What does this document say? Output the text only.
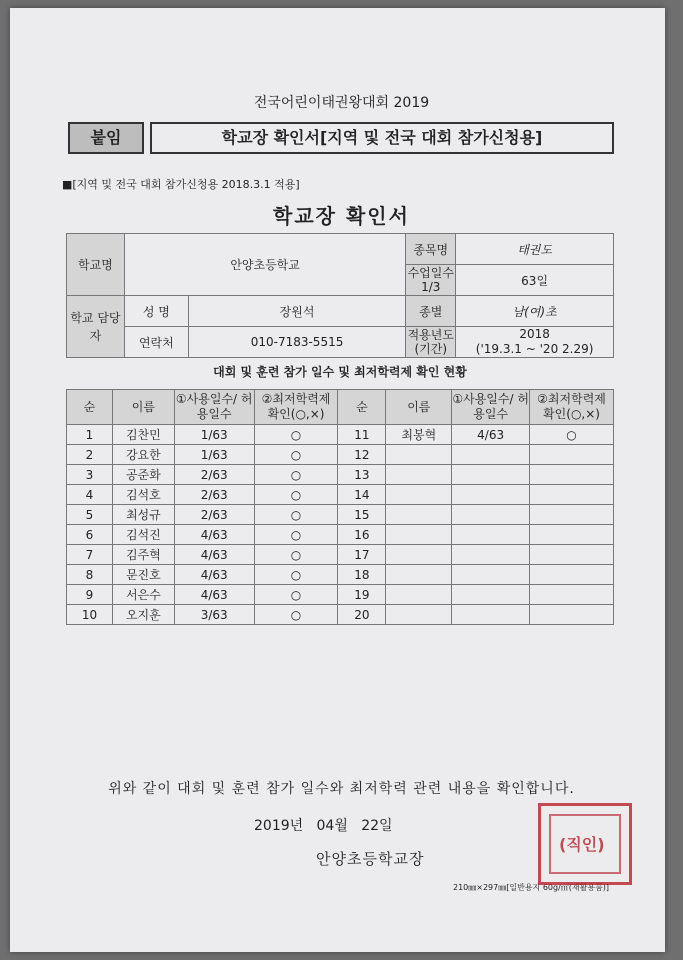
전국어린이태권왕대회 2019
붙임	학교장 확인서[지역 및 전국 대회 참가신청용]
■[지역 및 전국 대회 참가신청용 2018.3.1 적용]
학교장 확인서
학교명	안양초등학교		종목명	태권도
			수업일수 1/3	63일
학교 담당자	성 명	장원석	종별	남(여)초
	연락처	010-7183-5515	적용년도 (기간)	2018
('19.3.1 ~ '20 2.29)
대회 및 훈련 참가 일수 및 최저학력제 확인 현황
순	이름	①사용일수/ 허용일수	②최저학력제 확인(○,×)	순	이름	①사용일수/ 허용일수	②최저학력제 확인(○,×)
1	김찬민	1/63	○	11	최봉혁	4/63	○
2	강요한	1/63	○	12			
3	공준화	2/63	○	13			
4	김석호	2/63	○	14			
5	최성규	2/63	○	15			
6	김석진	4/63	○	16			
7	김주혁	4/63	○	17			
8	문진호	4/63	○	18			
9	서은수	4/63	○	19			
10	오지훈	3/63	○	20			
위와 같이 대회 및 훈련 참가 일수와 최저학력 관련 내용을 확인합니다.
2019년   04월   22일
안양초등학교장
210㎜×297㎜[일반용지 60g/㎡(재활용품)]
(직인)
